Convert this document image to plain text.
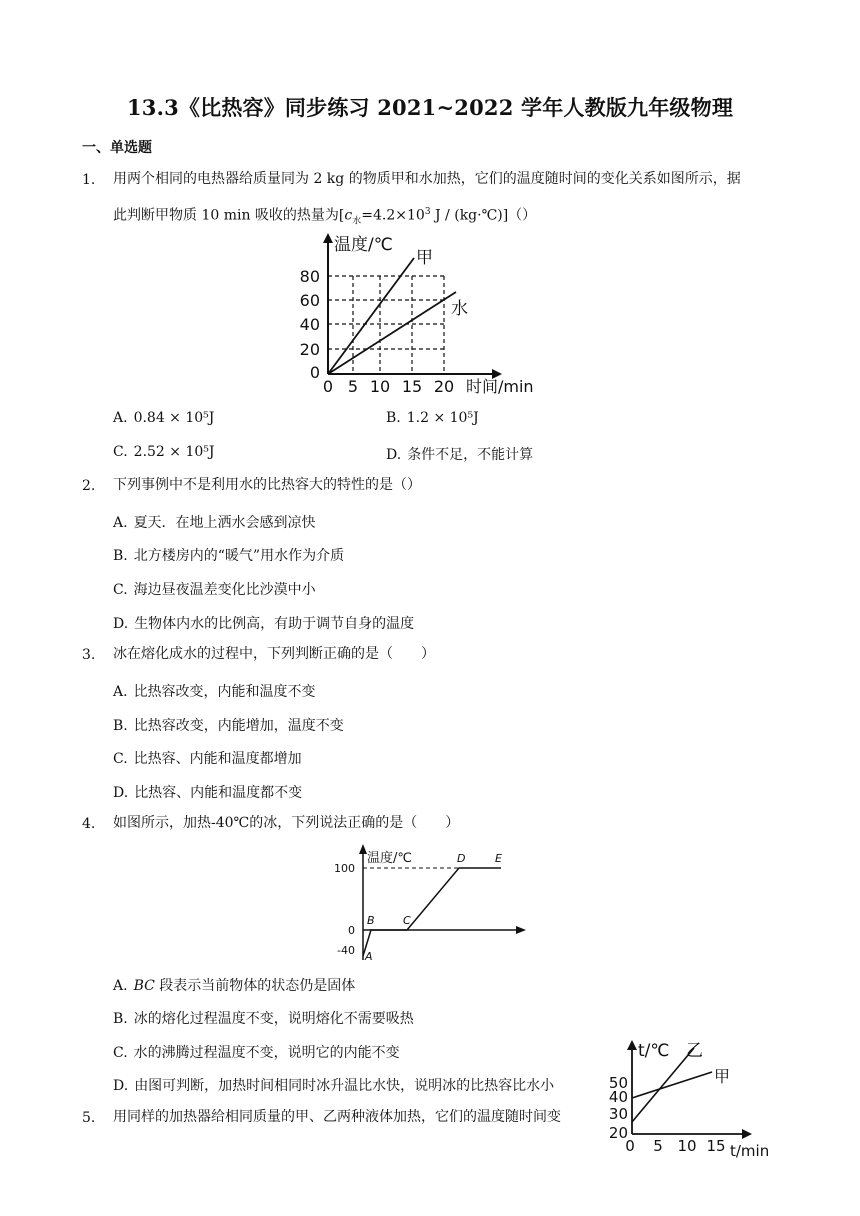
13.3《比热容》同步练习 2021~2022 学年人教版九年级物理
一、单选题
1. 用两个相同的电热器给质量同为 2 kg 的物质甲和水加热，它们的温度随时间的变化关系如图所示，据
此判断甲物质 10 min 吸收的热量为[$c_水=4.2\times 10^3$ J / (kg·℃)]（）
温度/℃
甲
水
80
60
40
20
0
0 5 10 15 20 时间/min
A. 0.84 × 10⁵J	B. 1.2 × 10⁵J
C. 2.52 × 10⁵J	D. 条件不足，不能计算
2. 下列事例中不是利用水的比热容大的特性的是（）
A. 夏天．在地上洒水会感到凉快
B. 北方楼房内的“暖气”用水作为介质
C. 海边昼夜温差变化比沙漠中小
D. 生物体内水的比例高，有助于调节自身的温度
3. 冰在熔化成水的过程中，下列判断正确的是（　　）
A. 比热容改变，内能和温度不变
B. 比热容改变，内能增加，温度不变
C. 比热容、内能和温度都增加
D. 比热容、内能和温度都不变
4. 如图所示，加热-40℃的冰，下列说法正确的是（　　）
温度/℃
100
0
-40 A
B	C
D	E
A. BC 段表示当前物体的状态仍是固体
B. 冰的熔化过程温度不变，说明熔化不需要吸热
C. 水的沸腾过程温度不变，说明它的内能不变
D. 由图可判断，加热时间相同时冰升温比水快，说明冰的比热容比水小
5. 用同样的加热器给相同质量的甲、乙两种液体加热，它们的温度随时间变
t/℃ 乙
甲
50
40
30
20
0 5 10 15 t/min
